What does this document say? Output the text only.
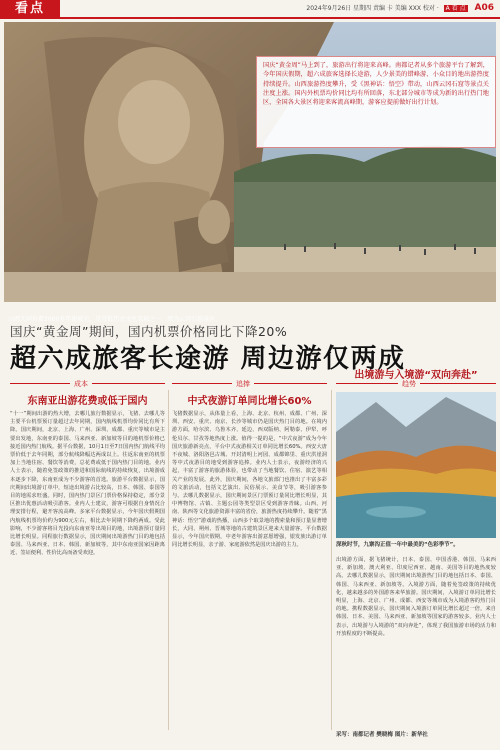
看点	2024年9月26日 星期四 责编 卡 美编 XXX 校对 · A 看 点 A06
国庆“黄金周”马上到了，旅游出行将迎来高峰。南都记者从多个旅游平台了解到，今年国庆假期，超六成旅客选择长途游，人少景美的错峰游、小众目的地出游热度持续提升。山西旅游热度攀升，受《黑神话：悟空》带动，山西云冈石窟等景点关注度上涨。国内外机票均价同比均有所回落，东北部分城市等成为新的出行热门地区，全国各大景区将迎来客流高峰期，游客应提前做好出行计划。
山西大同有着2000多年建城史，是首批历史文化名城之一，图为云冈石窟景区。
国庆“黄金周”期间，国内机票价格同比下降20%
超六成旅客长途游 周边游仅两成
成本	追捧	趋势
东南亚出游花费或低于国内	中式夜游订单同比增长60%
“十一”期间出游的热大增，去哪儿旅行数据显示，飞猪、去哪儿等主要平台机票预订量超过去年同期，国内航线机票均价同比有所下降。国庆期间，北京、上海、广州、深圳、成都、重庆等城市是主要出发地，东南亚的泰国、马来西亚、新加坡等目的地机票价格已接近国内热门航线。据平台数据，10月1日至7日国内热门航线平均票价低于去年同期，部分航线降幅达两成以上。往返东南亚的机票加上当地住宿、餐饮等消费，总花费或低于国内热门目的地。业内人士表示，随着免签政策的推进和国际航线的持续恢复，出境游成本逐步下降，东南亚成为不少游客的首选。旅游平台数据显示，国庆期间出境游订单中，短途出境游占比较高，日本、韩国、泰国等目的地需求旺盛。同时，国内热门景区门票价格保持稳定，部分景区推出优惠活动吸引游客。业内人士建议，游客可根据自身情况合理安排行程，避开客流高峰。多家平台数据显示，今年国庆假期国内航线机票均价约为900元左右，相比去年同期下降约两成。受此影响，不少游客将目光投向东南亚等出境目的地，出境游预订量同比增长明显。同程旅行数据显示，国庆期间出境游热门目的地包括泰国、马来西亚、日本、韩国、新加坡等，其中东南亚国家因距离近、签证便利、性价比高而备受欢迎。
飞猪数据显示，从体量上看，上海、北京、杭州、成都、广州、深圳、西安、重庆、南京、长沙等城市仍是国庆热门目的地。在境内游方面，哈尔滨、乌鲁木齐、延边、西双版纳、阿勒泰、伊犁、呼伦贝尔、甘孜等地热度上涨。值得一提的是，“中式夜游”成为今年国庆旅游新亮点，平台中式夜游相关订单同比增长60%。西安大唐不夜城、洛阳洛邑古城、开封清明上河园、成都锦里、重庆洪崖洞等中式夜游目的地受到游客追捧。业内人士表示，夜游经济的兴起，丰富了游客的旅游体验，也带动了当地餐饮、住宿、演艺等相关产业的发展。此外，国庆期间，各地文旅部门也推出了丰富多彩的文旅活动，包括文艺演出、民俗展示、美食节等，吸引游客参与。去哪儿数据显示，国庆期间景区门票预订量同比增长明显，其中博物馆、古镇、主题公园等类型景区受到游客青睐。山西、河南、陕西等文化旅游资源丰富的省份，旅游热度持续攀升。随着“黑神话：悟空”游戏的热播，山西多个取景地的搜索量和预订量显著增长，大同、朔州、晋城等地的古建筑景区迎来大量游客。平台数据显示，今年国庆假期，中老年游客出游意愿增强，银发族出游订单同比增长明显，亲子游、家庭游依然是国庆出游的主力。
出境游与入境游“双向奔赴”
深秋时节，九寨沟正值一年中最美的“色彩季节”。
出境游方面，据飞猪统计，日本、泰国、中国香港、韩国、马来西亚、新加坡、澳大利亚、印度尼西亚、越南、美国等目的地热度较高。去哪儿数据显示，国庆期间出境游热门目的地包括日本、泰国、韩国、马来西亚、新加坡等。入境游方面，随着免签政策的持续优化，越来越多的外国游客来华旅游。国庆期间，入境游订单同比增长明显，上海、北京、广州、成都、西安等城市成为入境游客的热门目的地。携程数据显示，国庆期间入境游订单同比增长超过一倍，来自韩国、日本、美国、马来西亚、新加坡等国家的游客较多。业内人士表示，出境游与入境游的“双向奔赴”，体现了我国旅游市场的活力和开放程度的不断提高。
采写：南都记者 樊晓梅 图片：新华社
